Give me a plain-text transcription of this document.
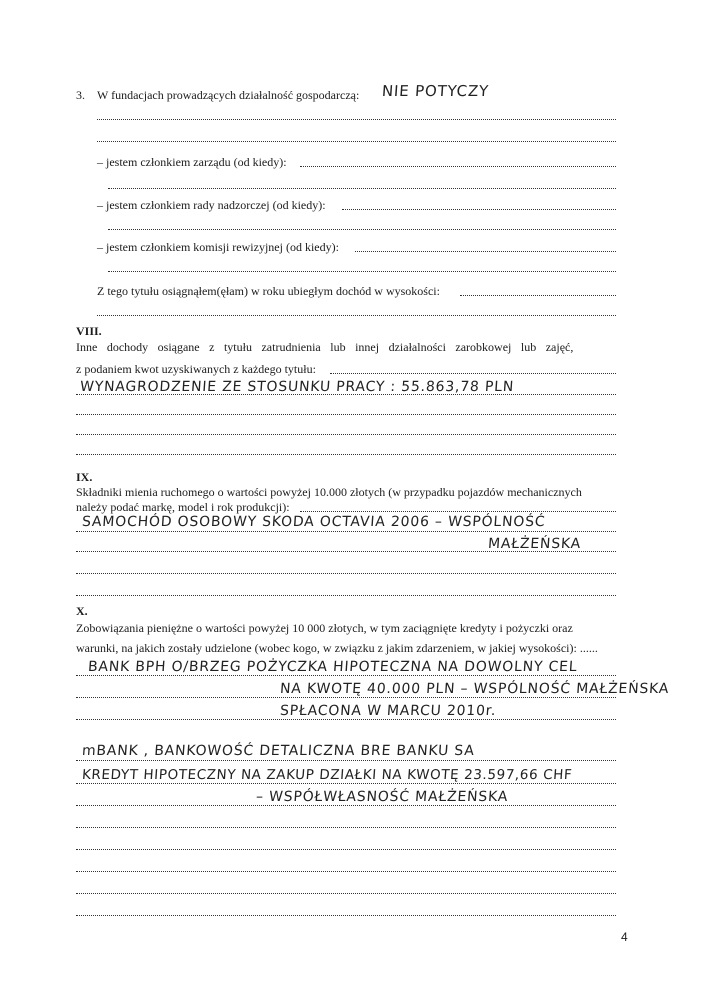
3. W fundacjach prowadzących działalność gospodarczą: NIE POTYCZY
– jestem członkiem zarządu (od kiedy):
– jestem członkiem rady nadzorczej (od kiedy):
– jestem członkiem komisji rewizyjnej (od kiedy):
Z tego tytułu osiągnąłem(ęłam) w roku ubiegłym dochód w wysokości:
VIII.
Inne dochody osiągane z tytułu zatrudnienia lub innej działalności zarobkowej lub zajęć,
z podaniem kwot uzyskiwanych z każdego tytułu:
WYNAGRODZENIE ZE STOSUNKU PRACY : 55.863,78 PLN
IX.
Składniki mienia ruchomego o wartości powyżej 10.000 złotych (w przypadku pojazdów mechanicznych
należy podać markę, model i rok produkcji):
SAMOCHÓD OSOBOWY SKODA OCTAVIA 2006 – WSPÓLNOŚĆ
MAŁŻEŃSKA
X.
Zobowiązania pieniężne o wartości powyżej 10 000 złotych, w tym zaciągnięte kredyty i pożyczki oraz
warunki, na jakich zostały udzielone (wobec kogo, w związku z jakim zdarzeniem, w jakiej wysokości): ......
BANK BPH O/BRZEG POŻYCZKA HIPOTECZNA NA DOWOLNY CEL
NA KWOTĘ 40.000 PLN – WSPÓLNOŚĆ MAŁŻEŃSKA
SPŁACONA W MARCU 2010r.
mBANK , BANKOWOŚĆ DETALICZNA BRE BANKU SA
KREDYT HIPOTECZNY NA ZAKUP DZIAŁKI NA KWOTĘ 23.597,66 CHF
– WSPÓŁWŁASNOŚĆ MAŁŻEŃSKA
4
